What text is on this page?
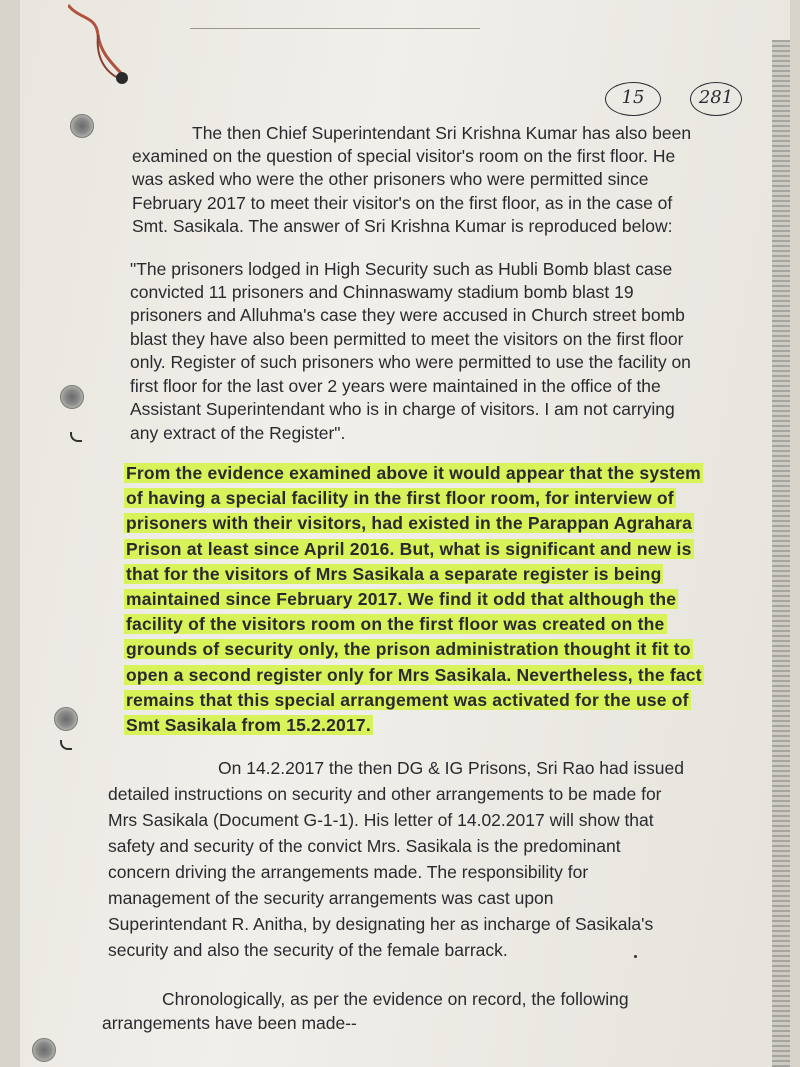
15	281
The then Chief Superintendant Sri Krishna Kumar has also been
examined on the question of special visitor's room on the first floor. He
was asked who were the other prisoners who were permitted since
February 2017 to meet their visitor's on the first floor, as in the case of
Smt. Sasikala. The answer of Sri Krishna Kumar is reproduced below:
"The prisoners lodged in High Security such as Hubli Bomb blast case
convicted 11 prisoners and Chinnaswamy stadium bomb blast 19
prisoners and Alluhma's case they were accused in Church street bomb
blast they have also been permitted to meet the visitors on the first floor
only. Register of such prisoners who were permitted to use the facility on
first floor for the last over 2 years were maintained in the office of the
Assistant Superintendant who is in charge of visitors. I am not carrying
any extract of the Register".
From the evidence examined above it would appear that the system
of having a special facility in the first floor room, for interview of
prisoners with their visitors, had existed in the Parappan Agrahara
Prison at least since April 2016. But, what is significant and new is
that for the visitors of Mrs Sasikala a separate register is being
maintained since February 2017. We find it odd that although the
facility of the visitors room on the first floor was created on the
grounds of security only, the prison administration thought it fit to
open a second register only for Mrs Sasikala. Nevertheless, the fact
remains that this special arrangement was activated for the use of
Smt Sasikala from 15.2.2017.
On 14.2.2017 the then DG & IG Prisons, Sri Rao had issued
detailed instructions on security and other arrangements to be made for
Mrs Sasikala (Document G-1-1). His letter of 14.02.2017 will show that
safety and security of the convict Mrs. Sasikala is the predominant
concern driving the arrangements made. The responsibility for
management of the security arrangements was cast upon
Superintendant R. Anitha, by designating her as incharge of Sasikala's
security and also the security of the female barrack.
Chronologically, as per the evidence on record, the following
arrangements have been made--
